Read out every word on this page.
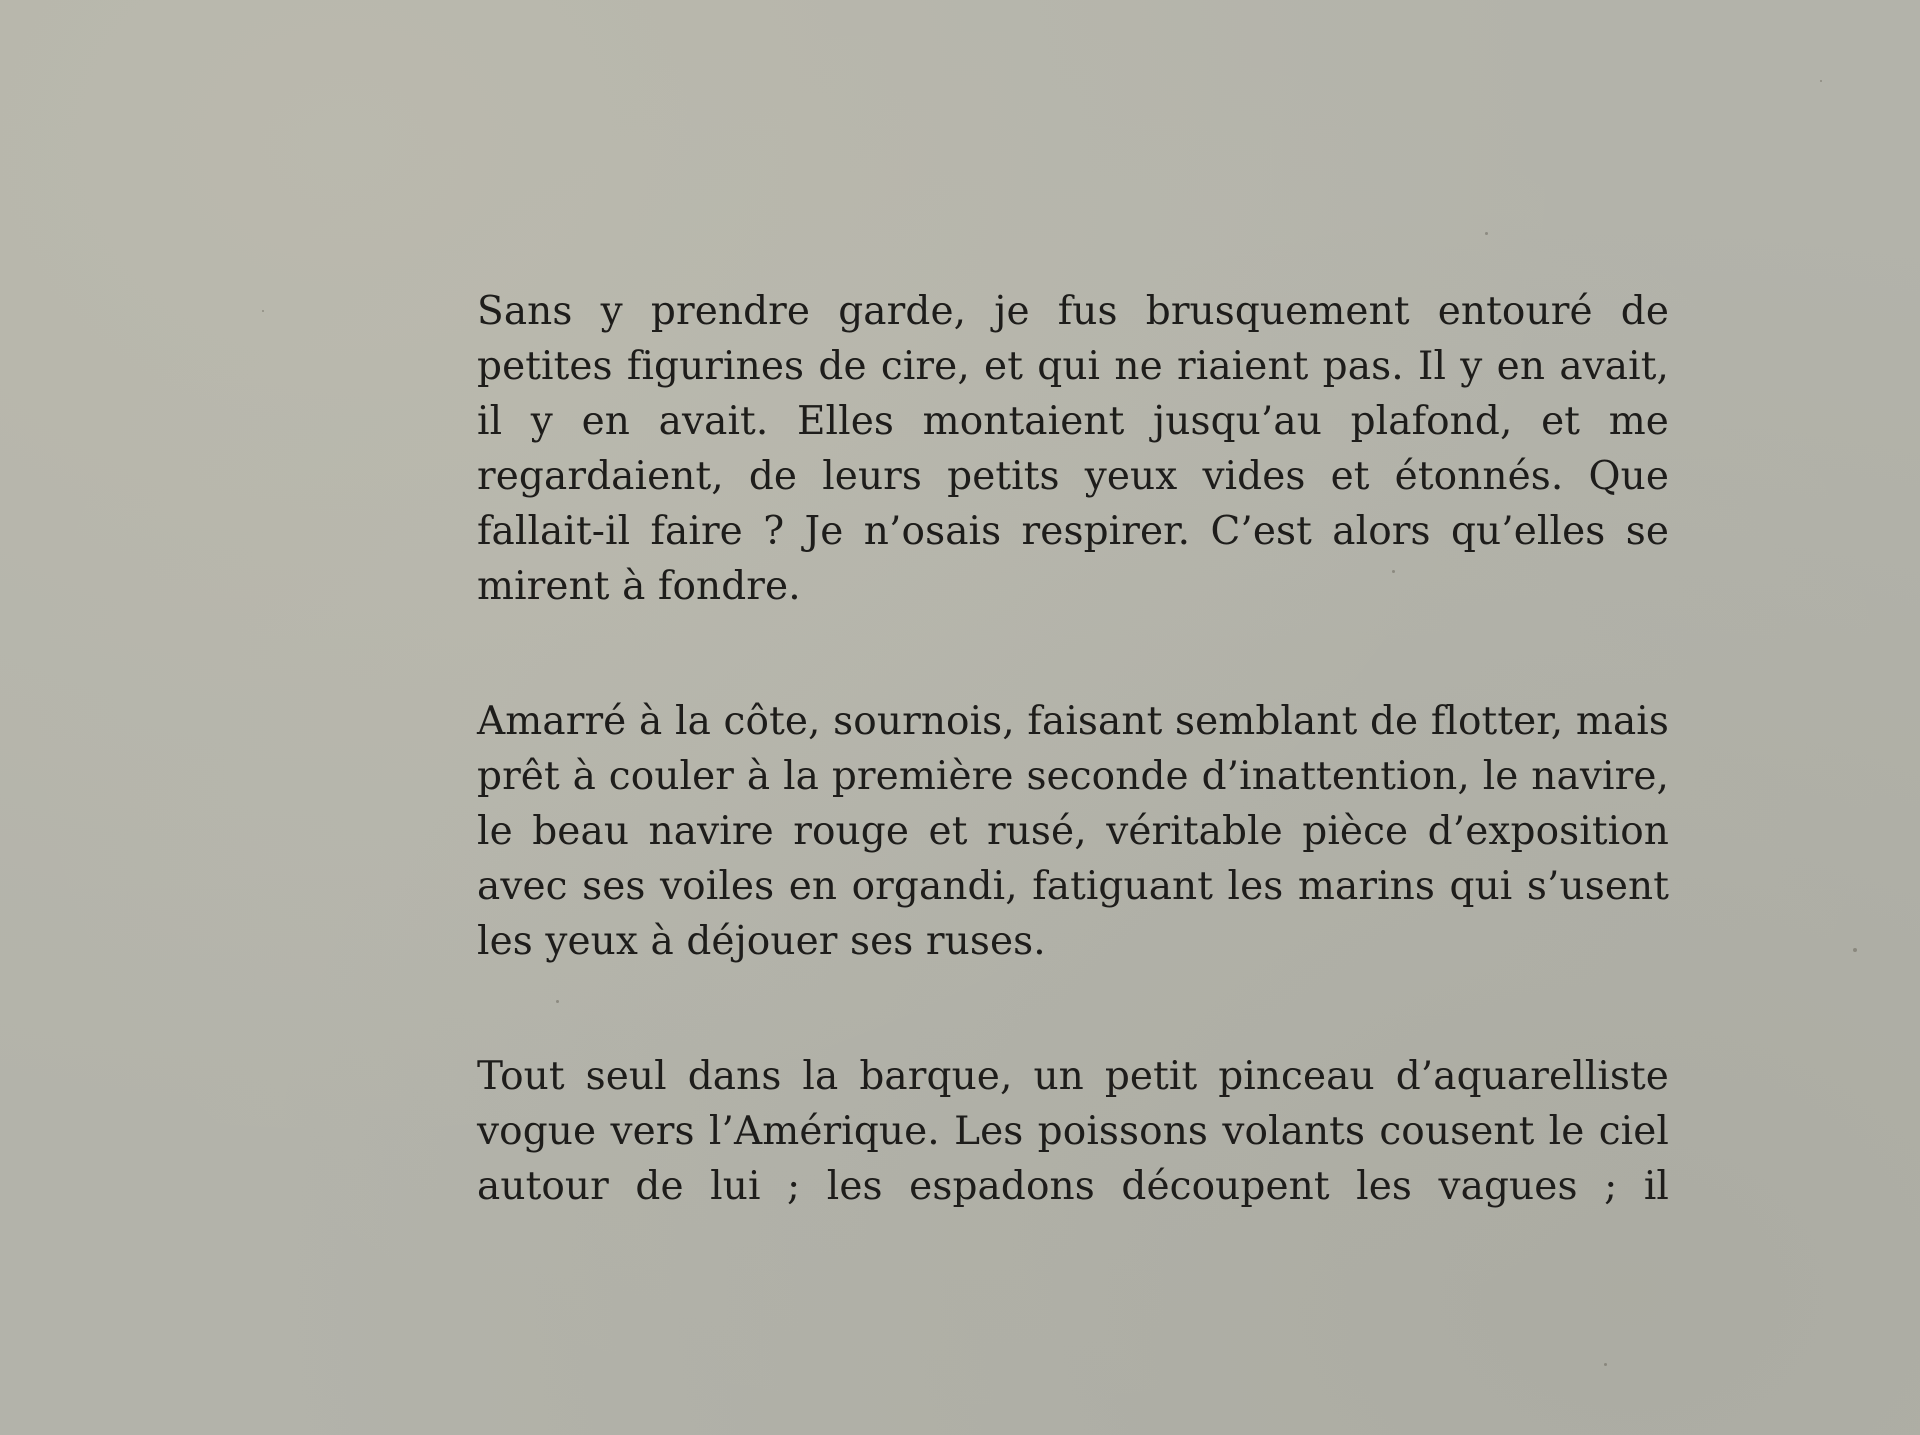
Sans y prendre garde, je fus brusquement entouré de petites figurines de cire, et qui ne riaient pas. Il y en avait, il y en avait. Elles montaient jusqu’au plafond, et me regardaient, de leurs petits yeux vides et étonnés. Que fallait-il faire ? Je n’osais respirer. C’est alors qu’elles se mirent à fondre.

Amarré à la côte, sournois, faisant semblant de flotter, mais prêt à couler à la première seconde d’inattention, le navire, le beau navire rouge et rusé, véritable pièce d’exposition avec ses voiles en organdi, fatiguant les marins qui s’usent les yeux à déjouer ses ruses.

Tout seul dans la barque, un petit pinceau d’aquarelliste vogue vers l’Amérique. Les poissons volants cousent le ciel autour de lui ; les espadons découpent les vagues ; il
